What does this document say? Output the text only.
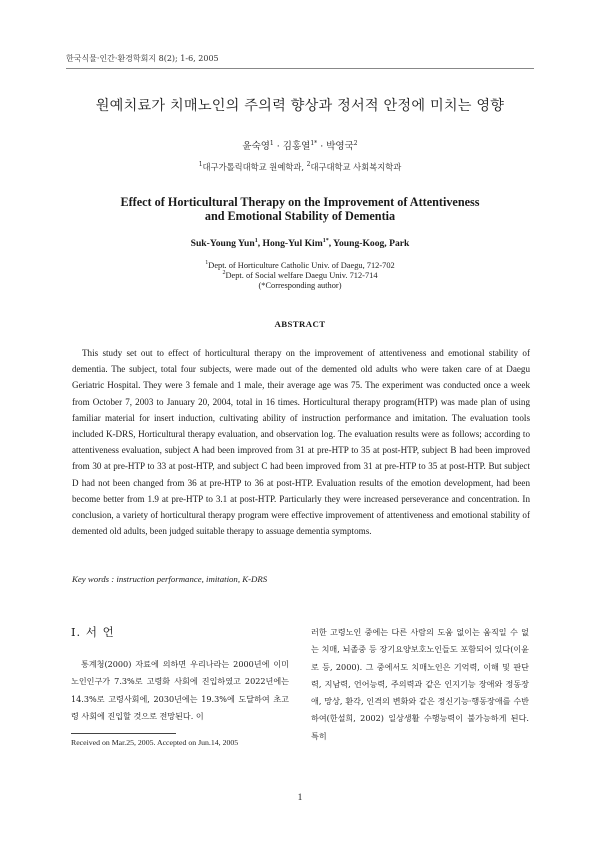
한국식물·인간·환경학회지 8(2); 1-6, 2005
원예치료가 치매노인의 주의력 향상과 정서적 안정에 미치는 영향
윤숙영$^1$ · 김홍열$^{1*}$ · 박영국$^2$
$^1$대구가톨릭대학교 원예학과, $^2$대구대학교 사회복지학과
Effect of Horticultural Therapy on the Improvement of Attentiveness
and Emotional Stability of Dementia
Suk-Young Yun$^1$, Hong-Yul Kim$^{1*}$, Young-Koog, Park
$^1$Dept. of Horticulture Catholic Univ. of Daegu, 712-702
$^2$Dept. of Social welfare Daegu Univ. 712-714
(*Corresponding author)
ABSTRACT
This study set out to effect of horticultural therapy on the improvement of attentiveness and emotional stability of dementia. The subject, total four subjects, were made out of the demented old adults who were taken care of at Daegu Geriatric Hospital. They were 3 female and 1 male, their average age was 75. The experiment was conducted once a week from October 7, 2003 to January 20, 2004, total in 16 times. Horticultural therapy program(HTP) was made plan of using familiar material for insert induction, cultivating ability of instruction performance and imitation. The evaluation tools included K-DRS, Horticultural therapy evaluation, and observation log. The evaluation results were as follows; according to attentiveness evaluation, subject A had been improved from 31 at pre-HTP to 35 at post-HTP, subject B had been improved from 30 at pre-HTP to 33 at post-HTP, and subject C had been improved from 31 at pre-HTP to 35 at post-HTP. But subject D had not been changed from 36 at pre-HTP to 36 at post-HTP. Evaluation results of the emotion development, had been become better from 1.9 at pre-HTP to 3.1 at post-HTP. Particularly they were increased perseverance and concentration. In conclusion, a variety of horticultural therapy program were effective improvement of attentiveness and emotional stability of demented old adults, been judged suitable therapy to assuage dementia symptoms.
Key words : instruction performance, imitation, K-DRS
Ⅰ. 서 언
통계청(2000) 자료에 의하면 우리나라는 2000년에 이미 노인인구가 7.3%로 고령화 사회에 진입하였고 2022년에는 14.3%로 고령사회에, 2030년에는 19.3%에 도달하여 초고령 사회에 진입할 것으로 전망된다. 이
러한 고령노인 중에는 다른 사람의 도움 없이는 움직일 수 없는 치매, 뇌졸중 등 장기요양보호노인들도 포함되어 있다(이윤로 등, 2000). 그 중에서도 치매노인은 기억력, 이해 및 판단력, 지남력, 언어능력, 주의력과 같은 인지기능 장애와 정동장애, 망상, 환각, 인격의 변화와 같은 정신기능·행동장애를 수반하여(한설희, 2002) 일상생활 수행능력이 불가능하게 된다. 특히
Received on Mar.25, 2005. Accepted on Jun.14, 2005
1
